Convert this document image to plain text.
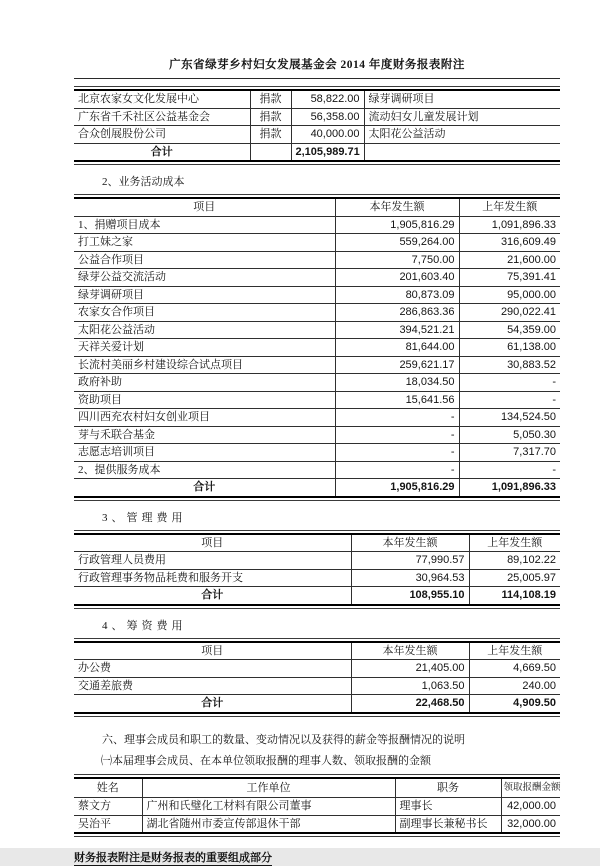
广东省绿芽乡村妇女发展基金会 2014 年度财务报表附注
北京农家女文化发展中心	捐款	58,822.00	绿芽调研项目
广东省千禾社区公益基金会	捐款	56,358.00	流动妇女儿童发展计划
合众创展股份公司	捐款	40,000.00	太阳花公益活动
合计		2,105,989.71	
2、业务活动成本
项目	本年发生额	上年发生额
1、捐赠项目成本	1,905,816.29	1,091,896.33
打工妹之家	559,264.00	316,609.49
公益合作项目	7,750.00	21,600.00
绿芽公益交流活动	201,603.40	75,391.41
绿芽调研项目	80,873.09	95,000.00
农家女合作项目	286,863.36	290,022.41
太阳花公益活动	394,521.21	54,359.00
天祥关爱计划	81,644.00	61,138.00
长流村美丽乡村建设综合试点项目	259,621.17	30,883.52
政府补助	18,034.50	-
资助项目	15,641.56	-
四川西充农村妇女创业项目	-	134,524.50
芽与禾联合基金	-	5,050.30
志愿志培训项目	-	7,317.70
2、提供服务成本	-	-
合计	1,905,816.29	1,091,896.33
3、管理费用
项目	本年发生额	上年发生额
行政管理人员费用	77,990.57	89,102.22
行政管理事务物品耗费和服务开支	30,964.53	25,005.97
合计	108,955.10	114,108.19
4、筹资费用
项目	本年发生额	上年发生额
办公费	21,405.00	4,669.50
交通差旅费	1,063.50	240.00
合计	22,468.50	4,909.50
六、理事会成员和职工的数量、变动情况以及获得的薪金等报酬情况的说明
㈠本届理事会成员、在本单位领取报酬的理事人数、领取报酬的金额
姓名	工作单位	职务	领取报酬金额
蔡文方	广州和氏璧化工材料有限公司董事	理事长	42,000.00
吴治平	湖北省随州市委宣传部退休干部	副理事长兼秘书长	32,000.00
财务报表附注是财务报表的重要组成部分
